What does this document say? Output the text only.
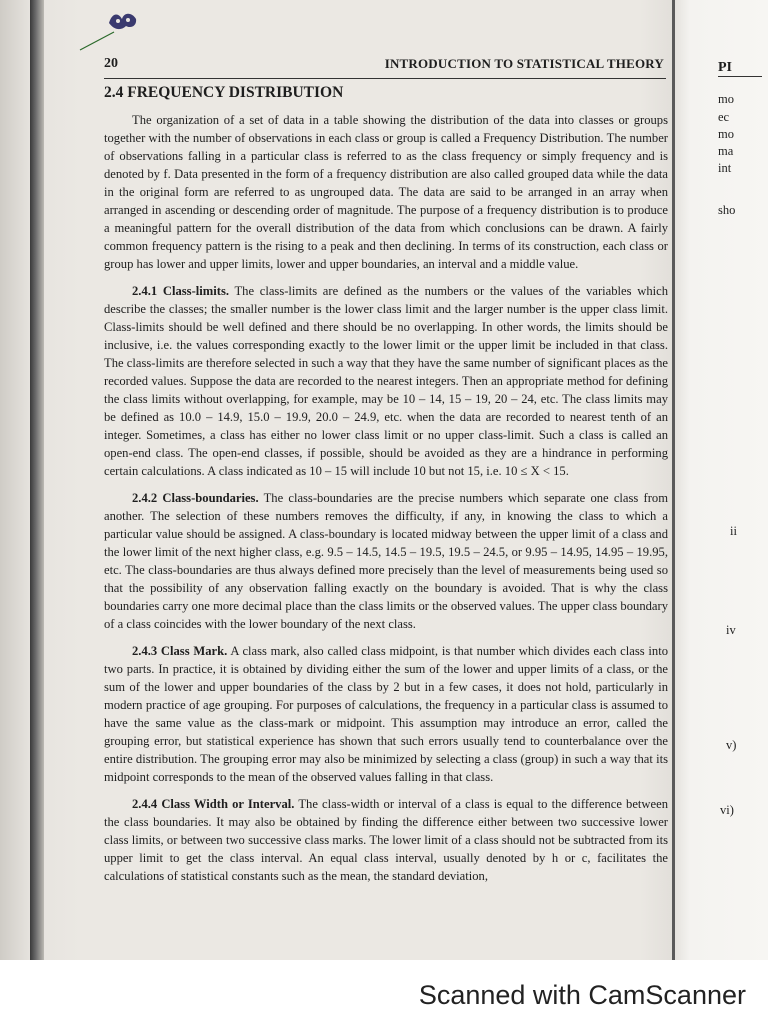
20	INTRODUCTION TO STATISTICAL THEORY
2.4 FREQUENCY DISTRIBUTION

The organization of a set of data in a table showing the distribution of the data into classes or groups together with the number of observations in each class or group is called a Frequency Distribution. The number of observations falling in a particular class is referred to as the class frequency or simply frequency and is denoted by f. Data presented in the form of a frequency distribution are also called grouped data while the data in the original form are referred to as ungrouped data. The data are said to be arranged in an array when arranged in ascending or descending order of magnitude. The purpose of a frequency distribution is to produce a meaningful pattern for the overall distribution of the data from which conclusions can be drawn. A fairly common frequency pattern is the rising to a peak and then declining. In terms of its construction, each class or group has lower and upper limits, lower and upper boundaries, an interval and a middle value.

2.4.1 Class-limits. The class-limits are defined as the numbers or the values of the variables which describe the classes; the smaller number is the lower class limit and the larger number is the upper class limit. Class-limits should be well defined and there should be no overlapping. In other words, the limits should be inclusive, i.e. the values corresponding exactly to the lower limit or the upper limit be included in that class. The class-limits are therefore selected in such a way that they have the same number of significant places as the recorded values. Suppose the data are recorded to the nearest integers. Then an appropriate method for defining the class limits without overlapping, for example, may be 10 – 14, 15 – 19, 20 – 24, etc. The class limits may be defined as 10.0 – 14.9, 15.0 – 19.9, 20.0 – 24.9, etc. when the data are recorded to nearest tenth of an integer. Sometimes, a class has either no lower class limit or no upper class-limit. Such a class is called an open-end class. The open-end classes, if possible, should be avoided as they are a hindrance in performing certain calculations. A class indicated as 10 – 15 will include 10 but not 15, i.e. 10 ≤ X < 15.

2.4.2 Class-boundaries. The class-boundaries are the precise numbers which separate one class from another. The selection of these numbers removes the difficulty, if any, in knowing the class to which a particular value should be assigned. A class-boundary is located midway between the upper limit of a class and the lower limit of the next higher class, e.g. 9.5 – 14.5, 14.5 – 19.5, 19.5 – 24.5, or 9.95 – 14.95, 14.95 – 19.95, etc. The class-boundaries are thus always defined more precisely than the level of measurements being used so that the possibility of any observation falling exactly on the boundary is avoided. That is why the class boundaries carry one more decimal place than the class limits or the observed values. The upper class boundary of a class coincides with the lower boundary of the next class.

2.4.3 Class Mark. A class mark, also called class midpoint, is that number which divides each class into two parts. In practice, it is obtained by dividing either the sum of the lower and upper limits of a class, or the sum of the lower and upper boundaries of the class by 2 but in a few cases, it does not hold, particularly in modern practice of age grouping. For purposes of calculations, the frequency in a particular class is assumed to have the same value as the class-mark or midpoint. This assumption may introduce an error, called the grouping error, but statistical experience has shown that such errors usually tend to counterbalance over the entire distribution. The grouping error may also be minimized by selecting a class (group) in such a way that its midpoint corresponds to the mean of the observed values falling in that class.

2.4.4 Class Width or Interval. The class-width or interval of a class is equal to the difference between the class boundaries. It may also be obtained by finding the difference either between two successive lower class limits, or between two successive class marks. The lower limit of a class should not be subtracted from its upper limit to get the class interval. An equal class interval, usually denoted by h or c, facilitates the calculations of statistical constants such as the mean, the standard deviation,

PI
mo
ec
mo
ma
int
sho
ii
iv
v)
vi)
Scanned with CamScanner
